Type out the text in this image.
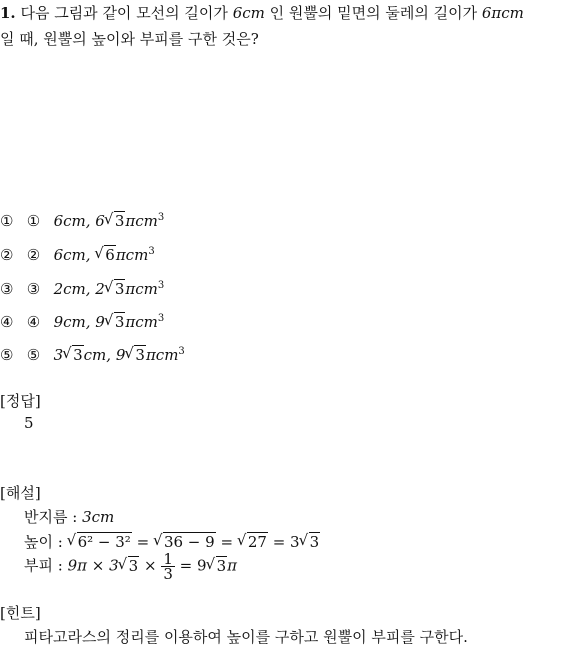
1. 다음 그림과 같이 모선의 길이가 6cm 인 원뿔의 밑면의 둘레의 길이가 6πcm
일 때, 원뿔의 높이와 부피를 구한 것은?
① ① 6cm, 6√ 3πcm$^3$
② ② 6cm, √ 6πcm$^3$
③ ③ 2cm, 2√ 3πcm$^3$
④ ④ 9cm, 9√ 3πcm$^3$
⑤ ⑤ 3√ 3cm, 9√ 3πcm$^3$
[정답]
5
[해설]
반지름 : 3cm
높이 : √ 6² − 3² = √ 36 − 9 = √ 27 = 3√ 3
부피 : 9π × 3√ $3 \times \frac{1}{3} = 9√$ 3π
[힌트]
피타고라스의 정리를 이용하여 높이를 구하고 원뿔이 부피를 구한다.
